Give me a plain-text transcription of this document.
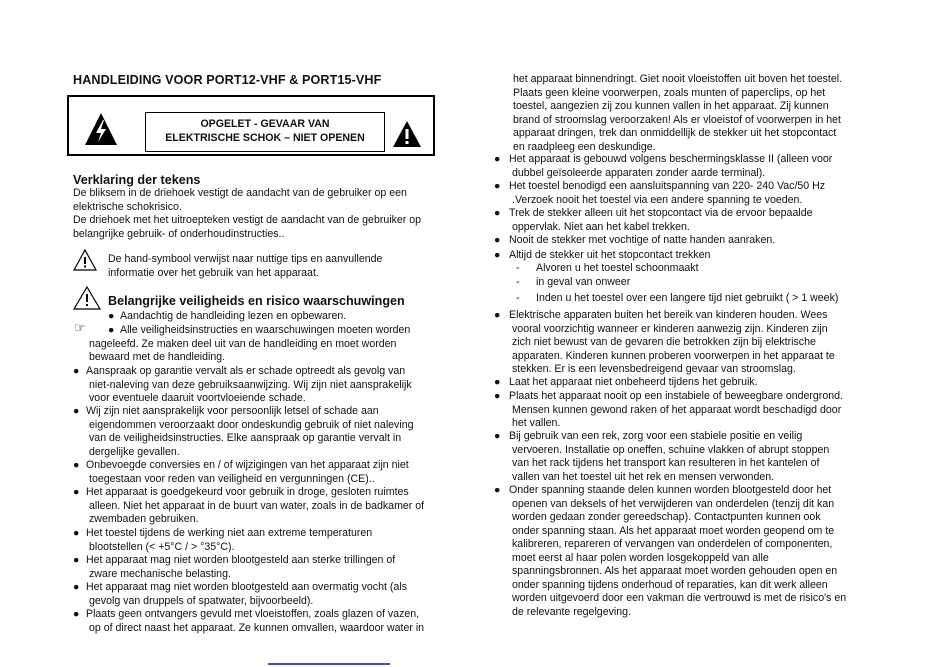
HANDLEIDING VOOR PORT12-VHF & PORT15-VHF
OPGELET - GEVAAR VAN
ELEKTRISCHE SCHOK – NIET OPENEN
Verklaring der tekens
De bliksem in de driehoek vestigt de aandacht van de gebruiker op een
elektrische schokrisico.
De driehoek met het uitroepteken vestigt de aandacht van de gebruiker op
belangrijke gebruik- of onderhoudinstructies..
De hand-symbool verwijst naar nuttige tips en aanvullende
informatie over het gebruik van het apparaat.
Belangrijke veiligheids en risico waarschuwingen
☞
● Aandachtig de handleiding lezen en opbewaren.
● Alle veiligheidsinstructies en waarschuwingen moeten worden
nageleefd. Ze maken deel uit van de handleiding en moet worden
bewaard met de handleiding.
● Aanspraak op garantie vervalt als er schade optreedt als gevolg van
niet-naleving van deze gebruiksaanwijzing. Wij zijn niet aansprakelijk
voor eventuele daaruit voortvloeiende schade.
● Wij zijn niet aansprakelijk voor persoonlijk letsel of schade aan
eigendommen veroorzaakt door ondeskundig gebruik of niet naleving
van de veiligheidsinstructies. Elke aanspraak op garantie vervalt in
dergelijke gevallen.
● Onbevoegde conversies en / of wijzigingen van het apparaat zijn niet
toegestaan voor reden van veiligheid en vergunningen (CE)..
● Het apparaat is goedgekeurd voor gebruik in droge, gesloten ruimtes
alleen. Niet het apparaat in de buurt van water, zoals in de badkamer of
zwembaden gebruiken.
● Het toestel tijdens de werking niet aan extreme temperaturen
blootstellen (< +5°C / > °35°C).
● Het apparaat mag niet worden blootgesteld aan sterke trillingen of
zware mechanische belasting.
● Het apparaat mag niet worden blootgesteld aan overmatig vocht (als
gevolg van druppels of spatwater, bijvoorbeeld).
● Plaats geen ontvangers gevuld met vloeistoffen, zoals glazen of vazen,
op of direct naast het apparaat. Ze kunnen omvallen, waardoor water in
het apparaat binnendringt. Giet nooit vloeistoffen uit boven het toestel.
Plaats geen kleine voorwerpen, zoals munten of paperclips, op het
toestel, aangezien zij zou kunnen vallen in het apparaat. Zij kunnen
brand of stroomslag veroorzaken! Als er vloeistof of voorwerpen in het
apparaat dringen, trek dan onmiddellijk de stekker uit het stopcontact
en raadpleeg een deskundige.
● Het apparaat is gebouwd volgens beschermingsklasse II (alleen voor
dubbel geïsoleerde apparaten zonder aarde terminal).
● Het toestel benodigd een aansluitspanning van 220- 240 Vac/50 Hz
.Verzoek nooit het toestel via een andere spanning te voeden.
● Trek de stekker alleen uit het stopcontact via de ervoor bepaalde
oppervlak. Niet aan het kabel trekken.
● Nooit de stekker met vochtige of natte handen aanraken.
● Altijd de stekker uit het stopcontact trekken
-	Alvoren u het toestel schoonmaakt
-	in geval van onweer
-	Inden u het toestel over een langere tijd niet gebruikt ( > 1 week)
● Elektrische apparaten buiten het bereik van kinderen houden. Wees
vooral voorzichtig wanneer er kinderen aanwezig zijn. Kinderen zijn
zich niet bewust van de gevaren die betrokken zijn bij elektrische
apparaten. Kinderen kunnen proberen voorwerpen in het apparaat te
stekken. Er is een levensbedreigend gevaar van stroomslag.
● Laat het apparaat niet onbeheerd tijdens het gebruik.
● Plaats het apparaat nooit op een instabiele of beweegbare ondergrond.
Mensen kunnen gewond raken of het apparaat wordt beschadigd door
het vallen.
● Bij gebruik van een rek, zorg voor een stabiele positie en veilig
vervoeren. Installatie op oneffen, schuine vlakken of abrupt stoppen
van het rack tijdens het transport kan resulteren in het kantelen of
vallen van het toestel uit het rek en mensen verwonden.
● Onder spanning staande delen kunnen worden blootgesteld door het
openen van deksels of het verwijderen van onderdelen (tenzij dit kan
worden gedaan zonder gereedschap). Contactpunten kunnen ook
onder spanning staan. Als het apparaat moet worden geopend om te
kalibreren, repareren of vervangen van onderdelen of componenten,
moet eerst al haar polen worden losgekoppeld van alle
spanningsbronnen. Als het apparaat moet worden gehouden open en
onder spanning tijdens onderhoud of reparaties, kan dit werk alleen
worden uitgevoerd door een vakman die vertrouwd is met de risico's en
de relevante regelgeving.
